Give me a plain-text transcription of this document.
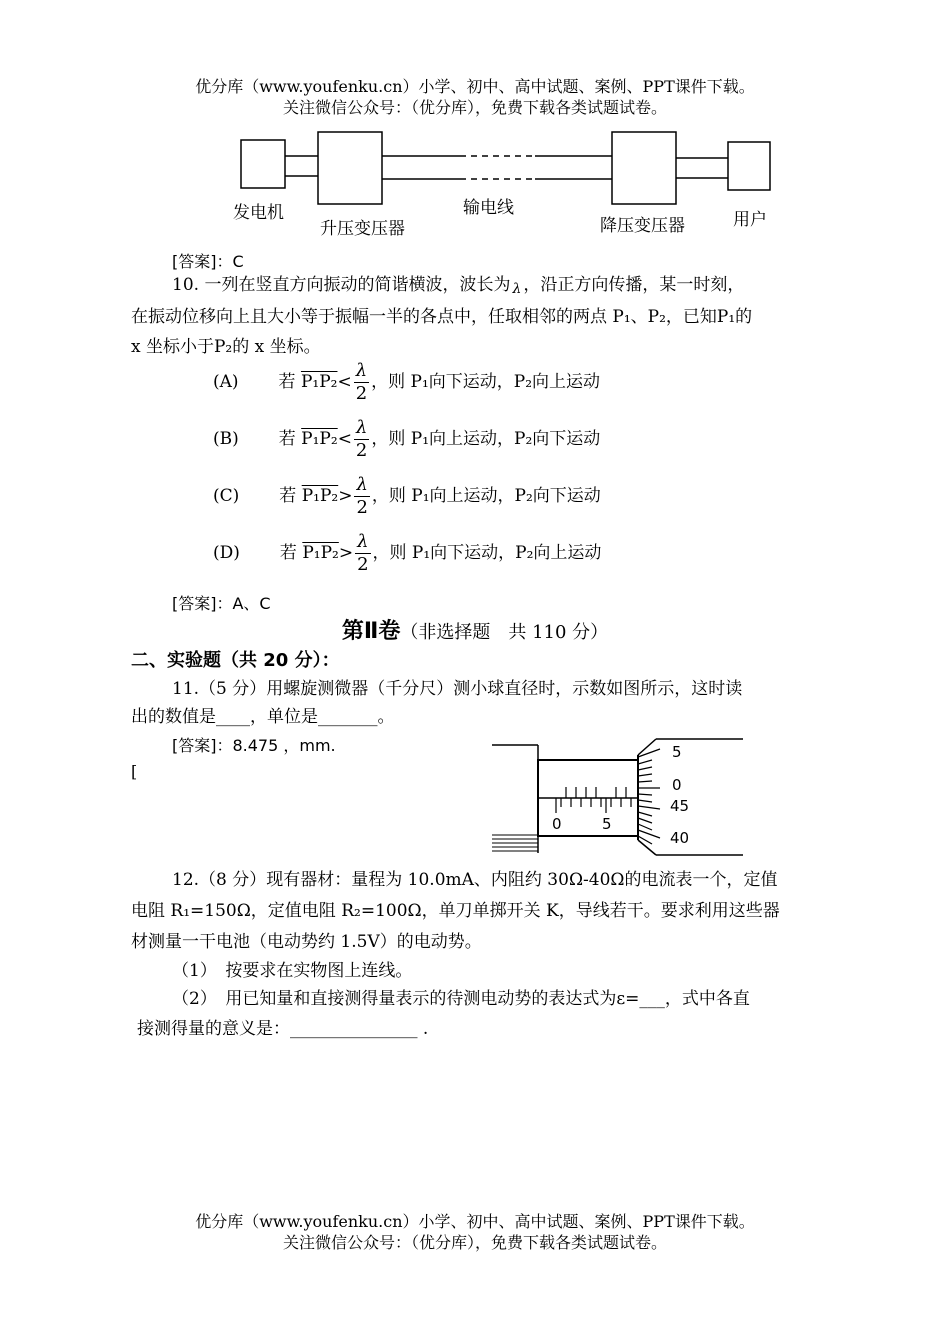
优分库（www.youfenku.cn）小学、初中、高中试题、案例、PPT课件下载。
关注微信公众号：（优分库），免费下载各类试题试卷。
发电机
升压变压器
输电线
降压变压器	用户
[答案]：C
10. 一列在竖直方向振动的简谐横波，波长为 λ ，沿正方向传播，某一时刻，
在振动位移向上且大小等于振幅一半的各点中，任取相邻的两点 P₁、P₂，已知P₁的
x 坐标小于P₂的 x 坐标。
(A) 若 $P_1P_2< \frac{\lambda}{2}$ ，则 P₁向下运动，P₂向上运动
(B) 若 $P_1P_2< \frac{\lambda}{2}$ ，则 P₁向上运动，P₂向下运动
(C) 若 $P_1P_2> \frac{\lambda}{2}$ ，则 P₁向上运动，P₂向下运动
(D) 若 $P_1P_2> \frac{\lambda}{2}$ ，则 P₁向下运动，P₂向上运动
[答案]：A、C
第Ⅱ卷（非选择题　共 110 分）
二、实验题（共 20 分）：
11.（5 分）用螺旋测微器（千分尺）测小球直径时，示数如图所示，这时读
出的数值是____，单位是_______。
[答案]：8.475 ，mm.
[
5
0
45
40
0	5
12.（8 分）现有器材：量程为 10.0mA、内阻约 30Ω-40Ω的电流表一个，定值
电阻 R₁=150Ω，定值电阻 R₂=100Ω，单刀单掷开关 K，导线若干。要求利用这些器
材测量一干电池（电动势约 1.5V）的电动势。
（1）　按要求在实物图上连线。
（2）　用已知量和直接测得量表示的待测电动势的表达式为ε=___，式中各直
接测得量的意义是：_______________ .
优分库（www.youfenku.cn）小学、初中、高中试题、案例、PPT课件下载。
关注微信公众号：（优分库），免费下载各类试题试卷。
